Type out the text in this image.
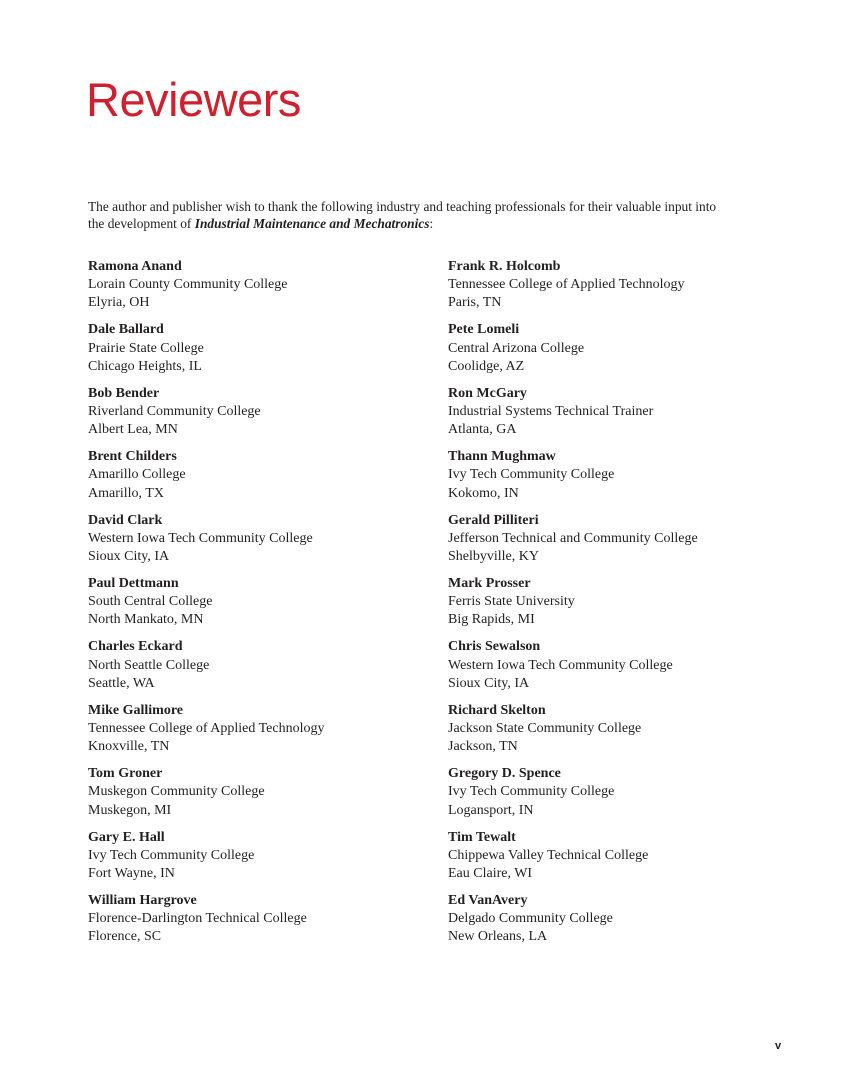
Reviewers

The author and publisher wish to thank the following industry and teaching professionals for their valuable input into the development of Industrial Maintenance and Mechatronics:

Ramona Anand
Lorain County Community College
Elyria, OH
Dale Ballard
Prairie State College
Chicago Heights, IL
Bob Bender
Riverland Community College
Albert Lea, MN
Brent Childers
Amarillo College
Amarillo, TX
David Clark
Western Iowa Tech Community College
Sioux City, IA
Paul Dettmann
South Central College
North Mankato, MN
Charles Eckard
North Seattle College
Seattle, WA
Mike Gallimore
Tennessee College of Applied Technology
Knoxville, TN
Tom Groner
Muskegon Community College
Muskegon, MI
Gary E. Hall
Ivy Tech Community College
Fort Wayne, IN
William Hargrove
Florence-Darlington Technical College
Florence, SC
Frank R. Holcomb
Tennessee College of Applied Technology
Paris, TN
Pete Lomeli
Central Arizona College
Coolidge, AZ
Ron McGary
Industrial Systems Technical Trainer
Atlanta, GA
Thann Mughmaw
Ivy Tech Community College
Kokomo, IN
Gerald Pilliteri
Jefferson Technical and Community College
Shelbyville, KY
Mark Prosser
Ferris State University
Big Rapids, MI
Chris Sewalson
Western Iowa Tech Community College
Sioux City, IA
Richard Skelton
Jackson State Community College
Jackson, TN
Gregory D. Spence
Ivy Tech Community College
Logansport, IN
Tim Tewalt
Chippewa Valley Technical College
Eau Claire, WI
Ed VanAvery
Delgado Community College
New Orleans, LA
v
